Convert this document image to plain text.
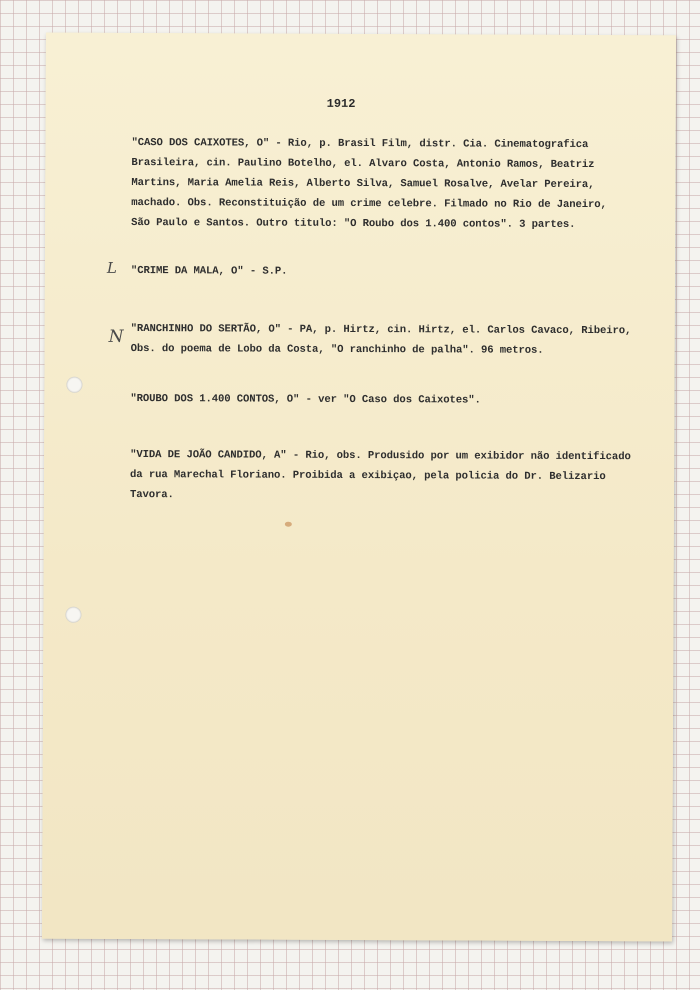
1912

"CASO DOS CAIXOTES, O" - Rio, p. Brasil Film, distr. Cia. Cinematografica
Brasileira, cin. Paulino Botelho, el. Alvaro Costa, Antonio Ramos, Beatriz
Martins, Maria Amelia Reis, Alberto Silva, Samuel Rosalve, Avelar Pereira,
machado. Obs. Reconstituição de um crime celebre. Filmado no Rio de Janeiro,
São Paulo e Santos. Outro titulo: "O Roubo dos 1.400 contos". 3 partes.

L "CRIME DA MALA, O" - S.P.

N "RANCHINHO DO SERTÃO, O" - PA, p. Hirtz, cin. Hirtz, el. Carlos Cavaco, Ribeiro,
Obs. do poema de Lobo da Costa, "O ranchinho de palha". 96 metros.

"ROUBO DOS 1.400 CONTOS, O" - ver "O Caso dos Caixotes".

"VIDA DE JOÃO CANDIDO, A" - Rio, obs. Produsido por um exibidor não identificado
da rua Marechal Floriano. Proibida a exibiçao, pela policia do Dr. Belizario
Tavora.
